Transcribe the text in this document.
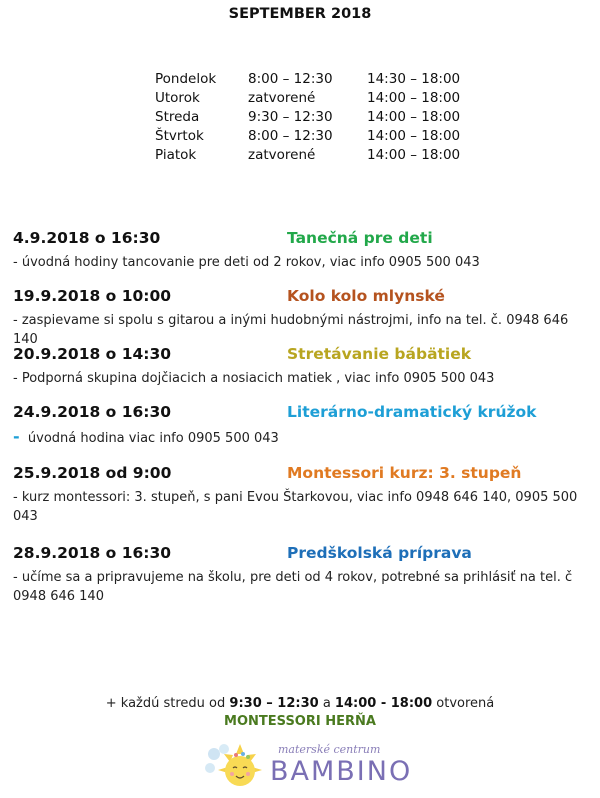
SEPTEMBER 2018
Pondelok 8:00 – 12:30	14:30 – 18:00
Utorok	zatvorené	14:00 – 18:00
Streda	9:30 – 12:30	14:00 – 18:00
Štvrtok	8:00 – 12:30	14:00 – 18:00
Piatok	zatvorené	14:00 – 18:00
4.9.2018 o 16:30	Tanečná pre deti
- úvodná hodiny tancovanie pre deti od 2 rokov, viac info 0905 500 043
19.9.2018 o 10:00	Kolo kolo mlynské
- zaspievame si spolu s gitarou a inými hudobnými nástrojmi, info na tel. č. 0948 646 140
20.9.2018 o 14:30	Stretávanie bábätiek
- Podporná skupina dojčiacich a nosiacich matiek , viac info 0905 500 043
24.9.2018 o 16:30	Literárno-dramatický krúžok
- úvodná hodina viac info 0905 500 043
25.9.2018 od 9:00	Montessori kurz: 3. stupeň
- kurz montessori: 3. stupeň, s pani Evou Štarkovou, viac info 0948 646 140, 0905 500 043
28.9.2018 o 16:30	Predškolská príprava
- učíme sa a pripravujeme na školu, pre deti od 4 rokov, potrebné sa prihlásiť na tel. č 0948 646 140
+ každú stredu od 9:30 – 12:30 a 14:00 - 18:00 otvorená
MONTESSORI HERŇA
materské centrum
BAMBINO
